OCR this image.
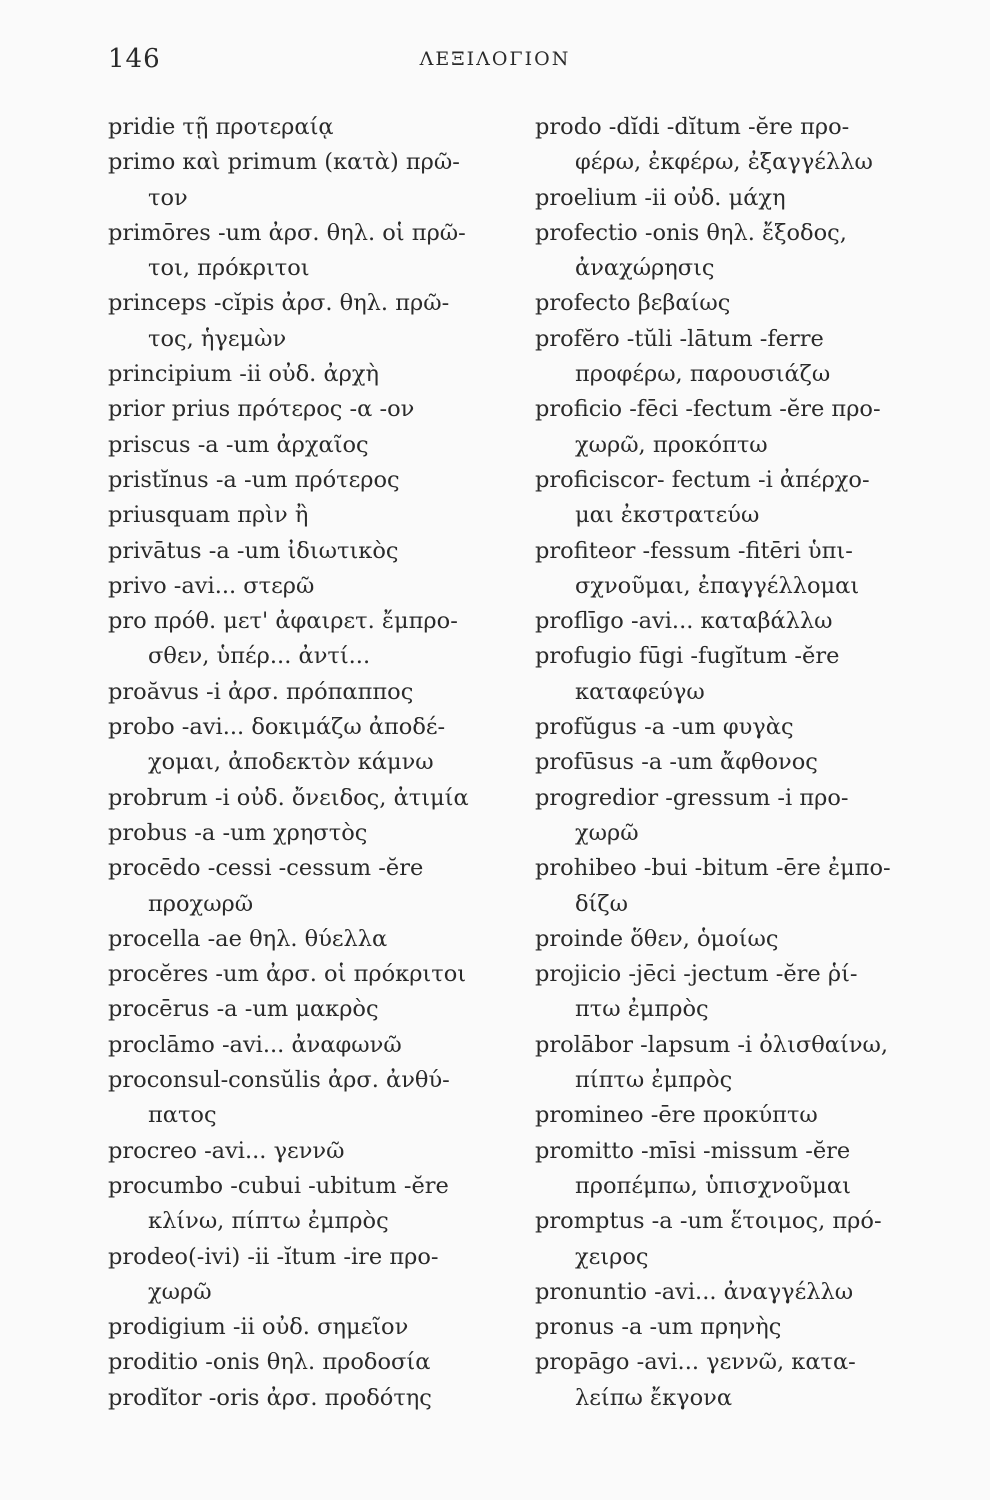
146	ΛΕΞΙΛΟΓΙΟΝ
pridie τῇ προτεραίᾳ
primo καὶ primum (κατὰ) πρῶ-
τον
primōres -um ἀρσ. θηλ. οἱ πρῶ-
τοι, πρόκριτοι
princeps -cĭpis ἀρσ. θηλ. πρῶ-
τος, ἡγεμὼν
principium -ii οὐδ. ἀρχὴ
prior prius πρότερος -α -ον
priscus -a -um ἀρχαῖος
pristĭnus -a -um πρότερος
priusquam πρὶν ἢ
privātus -a -um ἰδιωτικὸς
privo -avi... στερῶ
pro πρόθ. μετ' ἀφαιρετ. ἔμπρο-
σθεν, ὑπέρ... ἀντί...
proăvus -i ἀρσ. πρόπαππος
probo -avi... δοκιμάζω ἀποδέ-
χομαι, ἀποδεκτὸν κάμνω
probrum -i οὐδ. ὄνειδος, ἀτιμία
probus -a -um χρηστὸς
procēdo -cessi -cessum -ĕre
προχωρῶ
procella -ae θηλ. θύελλα
procĕres -um ἀρσ. οἱ πρόκριτοι
procērus -a -um μακρὸς
proclāmo -avi... ἀναφωνῶ
proconsul-consŭlis ἀρσ. ἀνθύ-
πατος
procreo -avi... γεννῶ
procumbo -cubui -ubitum -ĕre
κλίνω, πίπτω ἐμπρὸς
prodeo(-ivi) -ii -ĭtum -ire προ-
χωρῶ
prodigium -ii οὐδ. σημεῖον
proditio -onis θηλ. προδοσία
prodĭtor -oris ἀρσ. προδότης
prodo -dĭdi -dĭtum -ĕre προ-
φέρω, ἐκφέρω, ἐξαγγέλλω
proelium -ii οὐδ. μάχη
profectio -onis θηλ. ἔξοδος,
ἀναχώρησις
profecto βεβαίως
profĕro -tŭli -lātum -ferre
προφέρω, παρουσιάζω
proficio -fēci -fectum -ĕre προ-
χωρῶ, προκόπτω
proficiscor- fectum -i ἀπέρχο-
μαι ἐκστρατεύω
profiteor -fessum -fitēri ὑπι-
σχνοῦμαι, ἐπαγγέλλομαι
proflīgo -avi... καταβάλλω
profugio fūgi -fugĭtum -ĕre
καταφεύγω
profŭgus -a -um φυγὰς
profūsus -a -um ἄφθονος
progredior -gressum -i προ-
χωρῶ
prohibeo -bui -bitum -ēre ἐμπο-
δίζω
proinde ὅθεν, ὁμοίως
projicio -jēci -jectum -ĕre ῥί-
πτω ἐμπρὸς
prolābor -lapsum -i ὀλισθαίνω,
πίπτω ἐμπρὸς
promineo -ēre προκύπτω
promitto -mīsi -missum -ĕre
προπέμπω, ὑπισχνοῦμαι
promptus -a -um ἕτοιμος, πρό-
χειρος
pronuntio -avi... ἀναγγέλλω
pronus -a -um πρηνὴς
propāgo -avi... γεννῶ, κατα-
λείπω ἔκγονα
